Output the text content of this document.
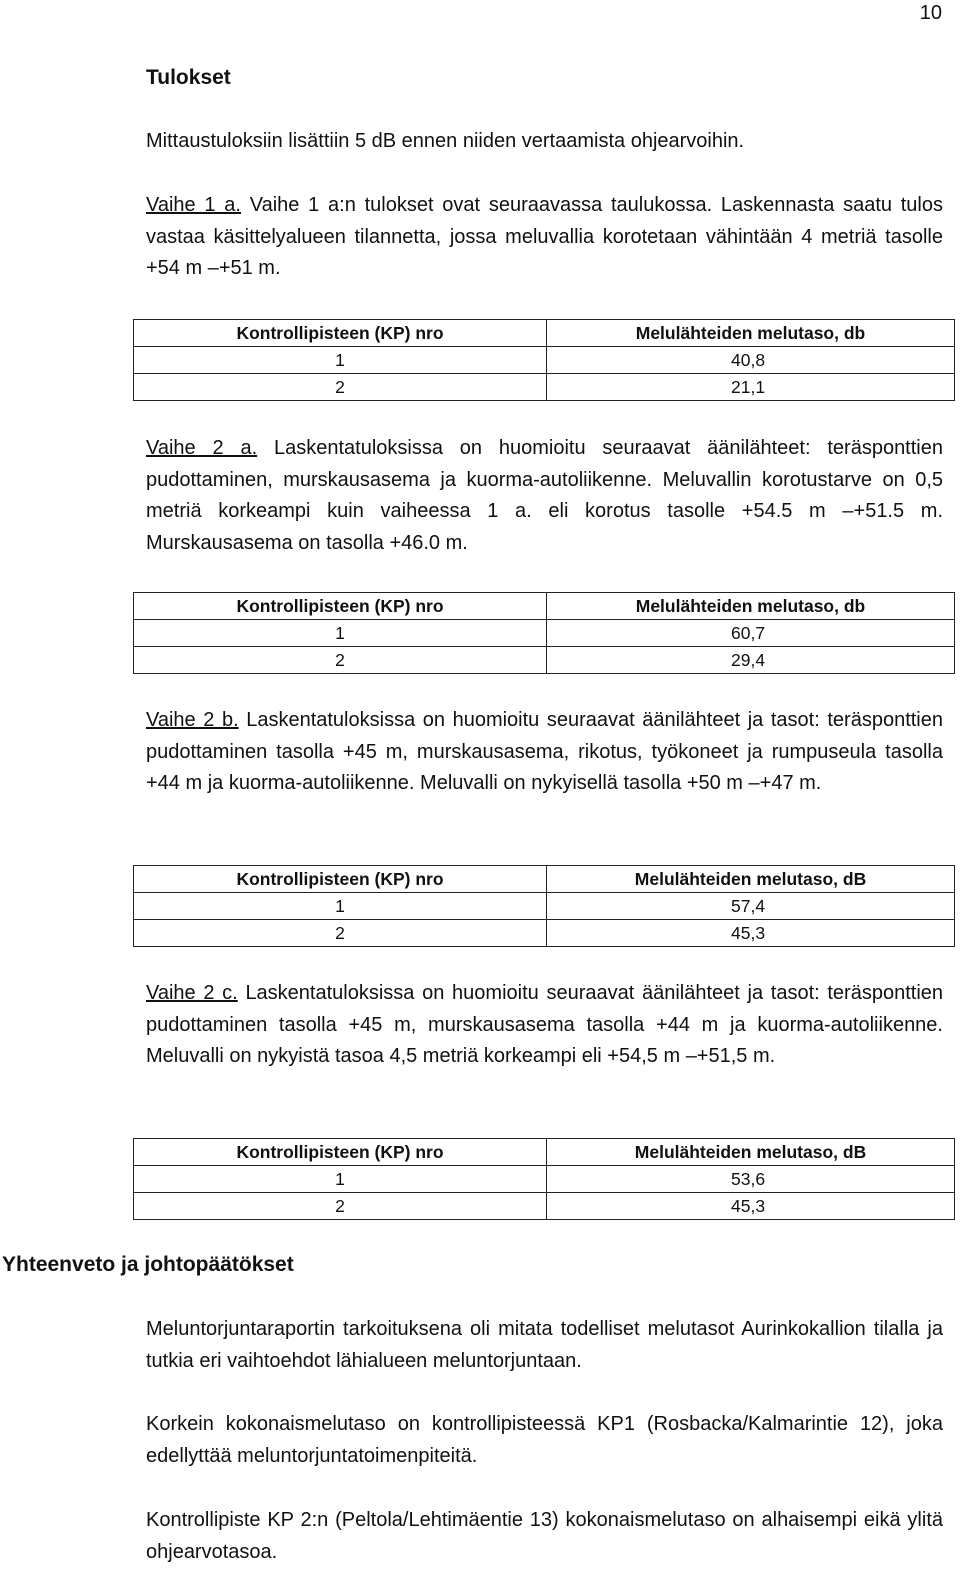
10
Tulokset

Mittaustuloksiin lisättiin 5 dB ennen niiden vertaamista ohjearvoihin.

Vaihe 1 a. Vaihe 1 a:n tulokset ovat seuraavassa taulukossa. Laskennasta saatu tulos vastaa käsittelyalueen tilannetta, jossa meluvallia korotetaan vähintään 4 metriä tasolle +54 m –+51 m.

Kontrollipisteen (KP) nro	Melulähteiden melutaso, db
1	40,8
2	21,1

Vaihe 2 a. Laskentatuloksissa on huomioitu seuraavat äänilähteet: teräsponttien pudottaminen, murskausasema ja kuorma-autoliikenne. Meluvallin korotustarve on 0,5 metriä korkeampi kuin vaiheessa 1 a. eli korotus tasolle +54.5 m –+51.5 m. Murskausasema on tasolla +46.0 m.

Kontrollipisteen (KP) nro	Melulähteiden melutaso, db
1	60,7
2	29,4

Vaihe 2 b. Laskentatuloksissa on huomioitu seuraavat äänilähteet ja tasot: teräsponttien pudottaminen tasolla +45 m, murskausasema, rikotus, työkoneet ja rumpuseula tasolla +44 m ja kuorma-autoliikenne. Meluvalli on nykyisellä tasolla +50 m –+47 m.

Kontrollipisteen (KP) nro	Melulähteiden melutaso, dB
1	57,4
2	45,3

Vaihe 2 c. Laskentatuloksissa on huomioitu seuraavat äänilähteet ja tasot: teräsponttien pudottaminen tasolla +45 m, murskausasema tasolla +44 m ja kuorma-autoliikenne. Meluvalli on nykyistä tasoa 4,5 metriä korkeampi eli +54,5 m –+51,5 m.

Kontrollipisteen (KP) nro	Melulähteiden melutaso, dB
1	53,6
2	45,3
Yhteenveto ja johtopäätökset

Meluntorjuntaraportin tarkoituksena oli mitata todelliset melutasot Aurinkokallion tilalla ja tutkia eri vaihtoehdot lähialueen meluntorjuntaan.

Korkein kokonaismelutaso on kontrollipisteessä KP1 (Rosbacka/Kalmarintie 12), joka edellyttää meluntorjuntatoimenpiteitä.

Kontrollipiste KP 2:n (Peltola/Lehtimäentie 13) kokonaismelutaso on alhaisempi eikä ylitä ohjearvotasoa.
